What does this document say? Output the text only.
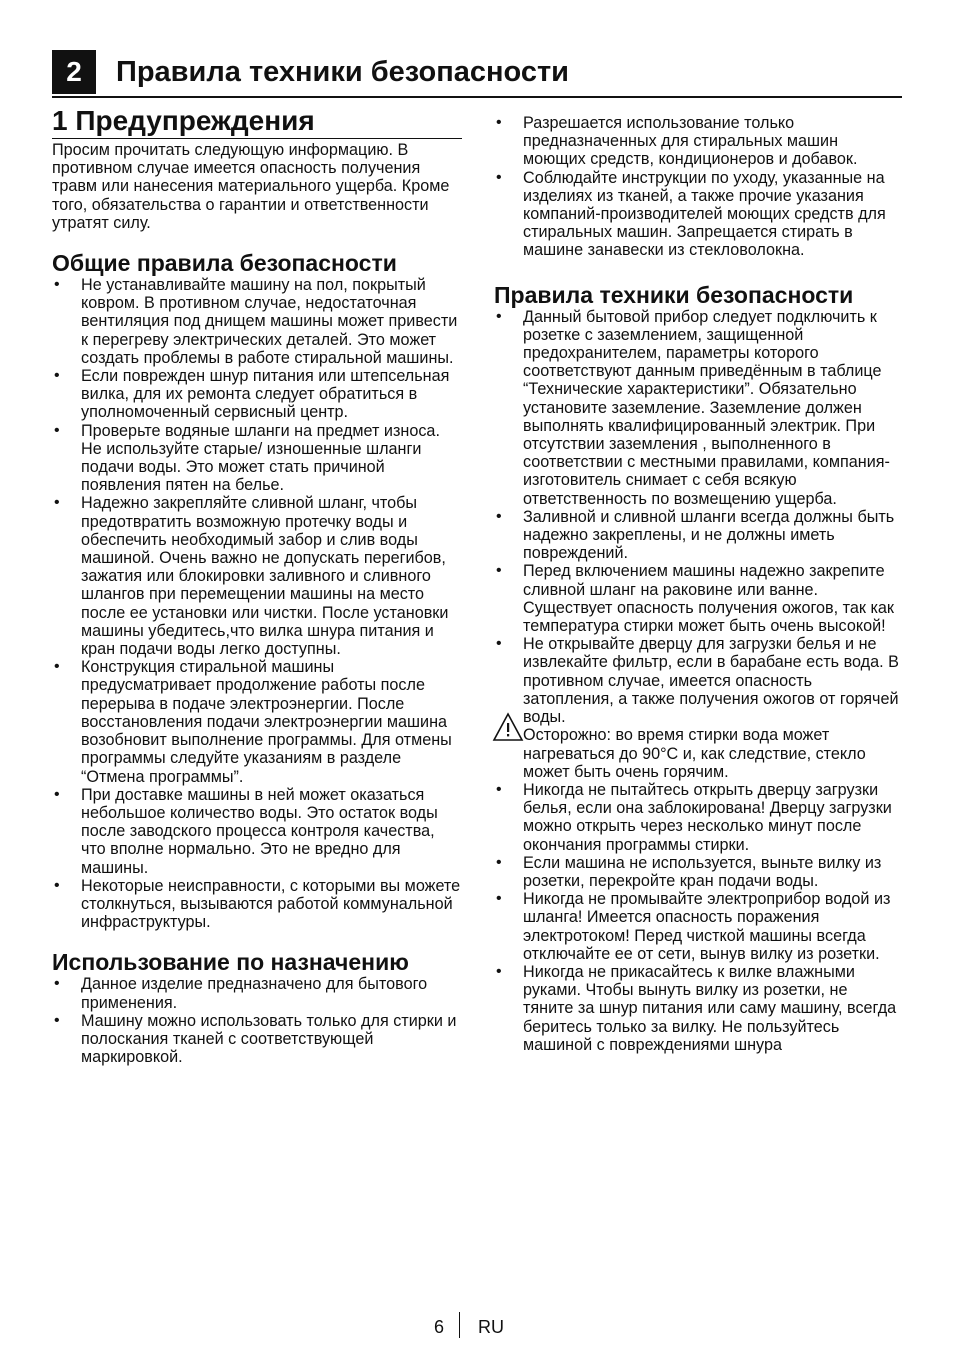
2	Правила техники безопасности
1 Предупреждения

Просим прочитать следующую информацию. В противном случае имеется опасность получения травм или нанесения материального ущерба. Кроме того, обязательства о гарантии и ответственности утратят силу.

Общие правила безопасности
• Не устанавливайте машину на пол, покрытый ковром. В противном случае, недостаточная вентиляция под днищем машины может привести к перегреву электрических деталей. Это может создать проблемы в работе стиральной машины.
• Если поврежден шнур питания или штепсельная вилка, для их ремонта следует обратиться в уполномоченный сервисный центр.
• Проверьте водяные шланги на предмет износа. Не используйте старые/ изношенные шланги подачи воды. Это может стать причиной появления пятен на белье.
• Надежно закрепляйте сливной шланг, чтобы предотвратить возможную протечку воды и обеспечить необходимый забор и слив воды машиной. Очень важно не допускать перегибов, зажатия или блокировки заливного и сливного шлангов при перемещении машины на место после ее установки или чистки. После установки машины убедитесь,что вилка шнура питания и кран подачи воды легко доступны.
• Конструкция стиральной машины предусматривает продолжение работы после перерыва в подаче электроэнергии. После восстановления подачи электроэнергии машина возобновит выполнение программы. Для отмены программы следуйте указаниям в разделе “Отмена программы”.
• При доставке машины в ней может оказаться небольшое количество воды. Это остаток воды после заводского процесса контроля качества, что вполне нормально. Это не вредно для машины.
• Некоторые неисправности, с которыми вы можете столкнуться, вызываются работой коммунальной инфраструктуры.
Использование по назначению
• Данное изделие предназначено для бытового применения.
• Машину можно использовать только для стирки и полоскания тканей с соответствующей маркировкой.
• Разрешается использование только предназначенных для стиральных машин моющих средств, кондиционеров и добавок.
• Соблюдайте инструкции по уходу, указанные на изделиях из тканей, а также прочие указания компаний-производителей моющих средств для стиральных машин. Запрещается стирать в машине занавески из стекловолокна.
Правила техники безопасности
• Данный бытовой прибор следует подключить к розетке с заземлением, защищенной предохранителем, параметры которого соответствуют данным приведённым в таблице “Технические характеристики”. Обязательно установите заземление. Заземление должен выполнять квалифицированный электрик. При отсутствии заземления , выполненного в соответствии с местными правилами, компания-изготовитель снимает с себя всякую ответственность по возмещению ущерба.
• Заливной и сливной шланги всегда должны быть надежно закреплены, и не должны иметь повреждений.
• Перед включением машины надежно закрепите сливной шланг на раковине или ванне. Существует опасность получения ожогов, так как температура стирки может быть очень высокой!
• Не открывайте дверцу для загрузки белья и не извлекайте фильтр, если в барабане есть вода. В противном случае, имеется опасность затопления, а также получения ожогов от горячей воды.
Осторожно: во время стирки вода может нагреваться до 90°С и, как следствие, стекло может быть очень горячим.
• Никогда не пытайтесь открыть дверцу загрузки белья, если она заблокирована! Дверцу загрузки можно открыть через несколько минут после окончания программы стирки.
• Если машина не используется, выньте вилку из розетки, перекройте кран подачи воды.
• Никогда не промывайте электроприбор водой из шланга! Имеется опасность поражения электротоком! Перед чисткой машины всегда отключайте ее от сети, вынув вилку из розетки.
• Никогда не прикасайтесь к вилке влажными руками. Чтобы вынуть вилку из розетки, не тяните за шнур питания или саму машину, всегда беритесь только за вилку. Не пользуйтесь машиной с повреждениями шнура
6 RU
